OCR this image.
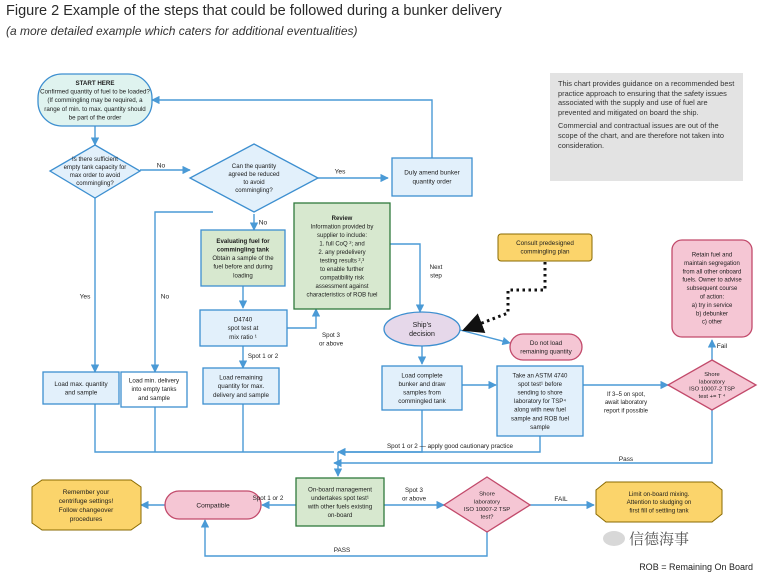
Figure 2 Example of the steps that could be followed during a bunker delivery
(a more detailed example which caters for additional eventualities)

This chart provides guidance on a recommended best practice approach to ensuring that the safety issues associated with the supply and use of fuel are prevented and mitigated on board the ship.

Commercial and contractual issues are out of the scope of the chart, and are therefore not taken into consideration.

START HERE Confirmed quantity of fuel to be loaded? (If commingling may be required, a range of min. to max. quantity should be part of the order
Is there sufficient empty tank capacity for max order to avoid commingling?
Can the quantity agreed be reduced to avoid commingling?
Duly amend bunker quantity order
Evaluating fuel for commingling tank Obtain a sample of the fuel before and during loading
Review Information provided by supplier to include: 1. full CoQ ²; and 2. any predelivery testing results ²,³ to enable further compatibility risk assessment against characteristics of ROB fuel
Consult predesigned commingling plan
Retain fuel and maintain segregation from all other onboard fuels. Owner to advise subsequent course of action: a) try in service b) debunker c) other
D4740 spot test at mix ratio ¹
Ship's decision
Do not load remaining quantity
Shore laboratory ISO 10007-2 TSP test += T ⁴
Load max. quantity and sample
Load min. delivery into empty tanks and sample
Load remaining quantity for max. delivery and sample
Load complete bunker and draw samples from commingled tank
Take an ASTM 4740 spot test¹ before sending to shore laboratory for TSP⁴ along with new fuel sample and ROB fuel sample
Remember your centrifuge settings! Follow changeover procedures
Compatible
On-board management undertakes spot test¹ with other fuels existing on-board
Shore laboratory ISO 10007-2 TSP test?
Limit on-board mixing. Attention to sludging on first fill of settling tank
No
Yes	No
Yes
No
Next step
Spot 3 or above
Spot 1 or 2
If 3–5 on spot, await laboratory report if possible
Fail
Spot 1 or 2 — apply good cautionary practice
Pass
Spot 1 or 2
Spot 3 or above	FAIL
PASS
信德海事
ROB = Remaining On Board
